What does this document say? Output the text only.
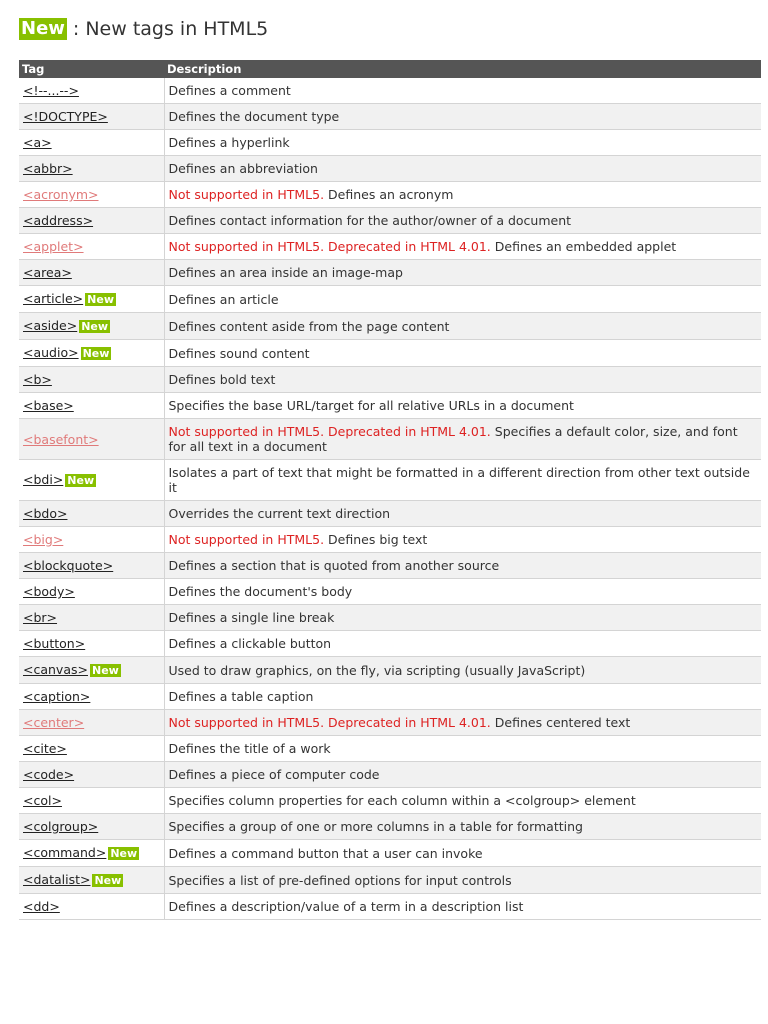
New : New tags in HTML5
Tag	Description
<!--...-->	Defines a comment
<!DOCTYPE>	Defines the document type
<a>	Defines a hyperlink
<abbr>	Defines an abbreviation
<acronym>	Not supported in HTML5. Defines an acronym
<address>	Defines contact information for the author/owner of a document
<applet>	Not supported in HTML5. Deprecated in HTML 4.01. Defines an embedded applet
<area>	Defines an area inside an image-map
<article> New	Defines an article
<aside> New	Defines content aside from the page content
<audio> New	Defines sound content
<b>	Defines bold text
<base>	Specifies the base URL/target for all relative URLs in a document
<basefont>	Not supported in HTML5. Deprecated in HTML 4.01. Specifies a default color, size, and font for all text in a document
<bdi> New	Isolates a part of text that might be formatted in a different direction from other text outside it
<bdo>	Overrides the current text direction
<big>	Not supported in HTML5. Defines big text
<blockquote>	Defines a section that is quoted from another source
<body>	Defines the document's body
<br>	Defines a single line break
<button>	Defines a clickable button
<canvas> New	Used to draw graphics, on the fly, via scripting (usually JavaScript)
<caption>	Defines a table caption
<center>	Not supported in HTML5. Deprecated in HTML 4.01. Defines centered text
<cite>	Defines the title of a work
<code>	Defines a piece of computer code
<col>	Specifies column properties for each column within a <colgroup> element
<colgroup>	Specifies a group of one or more columns in a table for formatting
<command> New	Defines a command button that a user can invoke
<datalist> New	Specifies a list of pre-defined options for input controls
<dd>	Defines a description/value of a term in a description list
